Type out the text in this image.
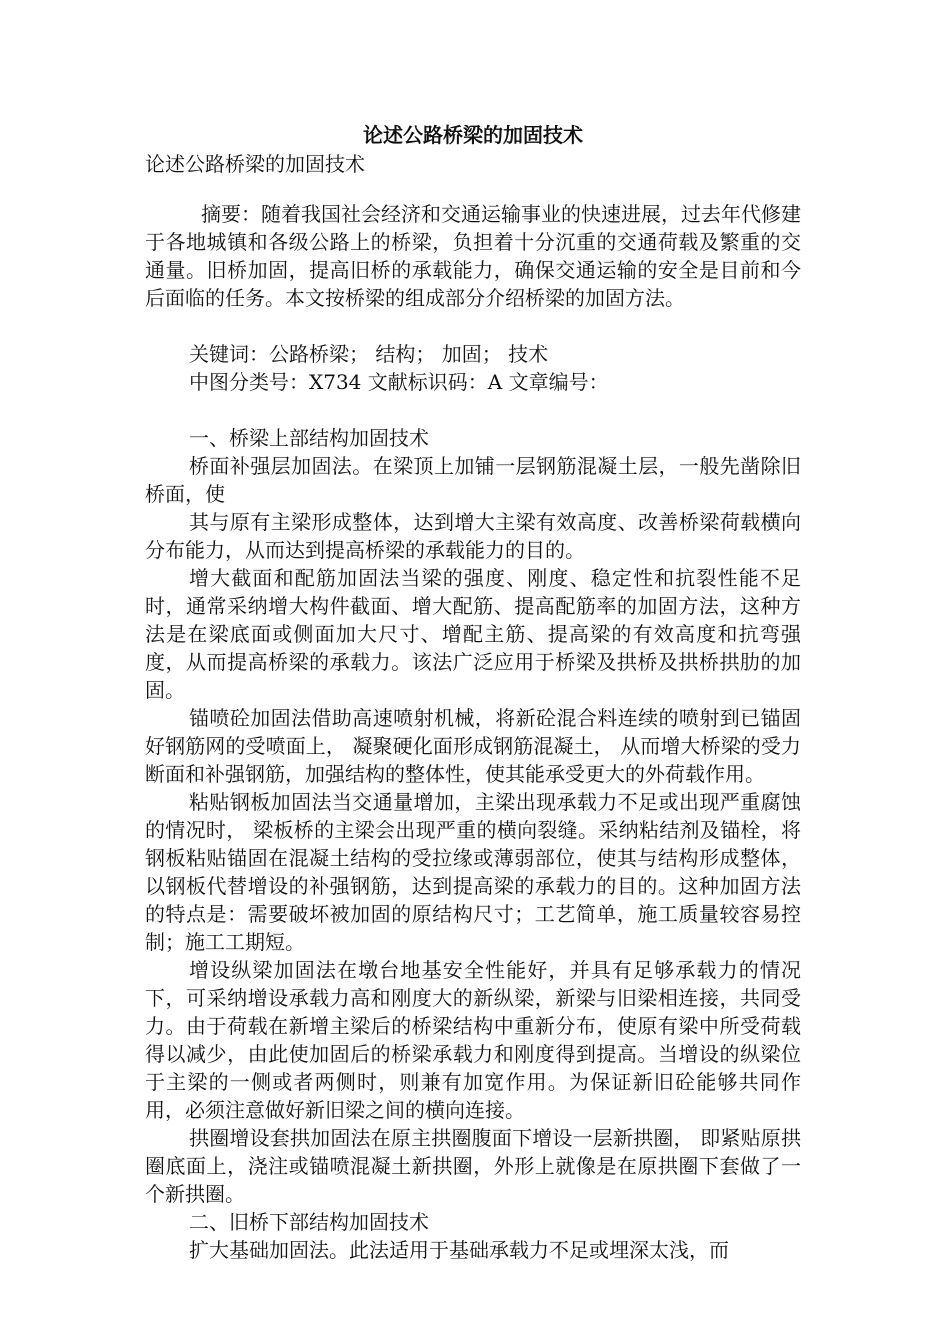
论述公路桥梁的加固技术
论述公路桥梁的加固技术

摘要：随着我国社会经济和交通运输事业的快速进展，过去年代修建于各地城镇和各级公路上的桥梁，负担着十分沉重的交通荷载及繁重的交通量。旧桥加固，提高旧桥的承载能力，确保交通运输的安全是目前和今后面临的任务。本文按桥梁的组成部分介绍桥梁的加固方法。

关键词：公路桥梁； 结构； 加固； 技术

中图分类号：X734 文献标识码：A 文章编号：

一、桥梁上部结构加固技术

桥面补强层加固法。在梁顶上加铺一层钢筋混凝土层，一般先凿除旧桥面，使

其与原有主梁形成整体，达到增大主梁有效高度、改善桥梁荷载横向分布能力，从而达到提高桥梁的承载能力的目的。

增大截面和配筋加固法当梁的强度、刚度、稳定性和抗裂性能不足时，通常采纳增大构件截面、增大配筋、提高配筋率的加固方法，这种方法是在梁底面或侧面加大尺寸、增配主筋、提高梁的有效高度和抗弯强度，从而提高桥梁的承载力。该法广泛应用于桥梁及拱桥及拱桥拱肋的加固。

锚喷砼加固法借助高速喷射机械，将新砼混合料连续的喷射到已锚固好钢筋网的受喷面上， 凝聚硬化面形成钢筋混凝土， 从而增大桥梁的受力断面和补强钢筋，加强结构的整体性，使其能承受更大的外荷载作用。

粘贴钢板加固法当交通量增加，主梁出现承载力不足或出现严重腐蚀的情况时， 梁板桥的主梁会出现严重的横向裂缝。采纳粘结剂及锚栓，将钢板粘贴锚固在混凝土结构的受拉缘或薄弱部位，使其与结构形成整体，以钢板代替增设的补强钢筋，达到提高梁的承载力的目的。这种加固方法的特点是：需要破坏被加固的原结构尺寸；工艺简单，施工质量较容易控制；施工工期短。

增设纵梁加固法在墩台地基安全性能好，并具有足够承载力的情况下，可采纳增设承载力高和刚度大的新纵梁，新梁与旧梁相连接，共同受力。由于荷载在新增主梁后的桥梁结构中重新分布，使原有梁中所受荷载得以减少，由此使加固后的桥梁承载力和刚度得到提高。当增设的纵梁位于主梁的一侧或者两侧时，则兼有加宽作用。为保证新旧砼能够共同作用，必须注意做好新旧梁之间的横向连接。

拱圈增设套拱加固法在原主拱圈腹面下增设一层新拱圈， 即紧贴原拱圈底面上，浇注或锚喷混凝土新拱圈，外形上就像是在原拱圈下套做了一个新拱圈。

二、旧桥下部结构加固技术

扩大基础加固法。此法适用于基础承载力不足或埋深太浅，而
